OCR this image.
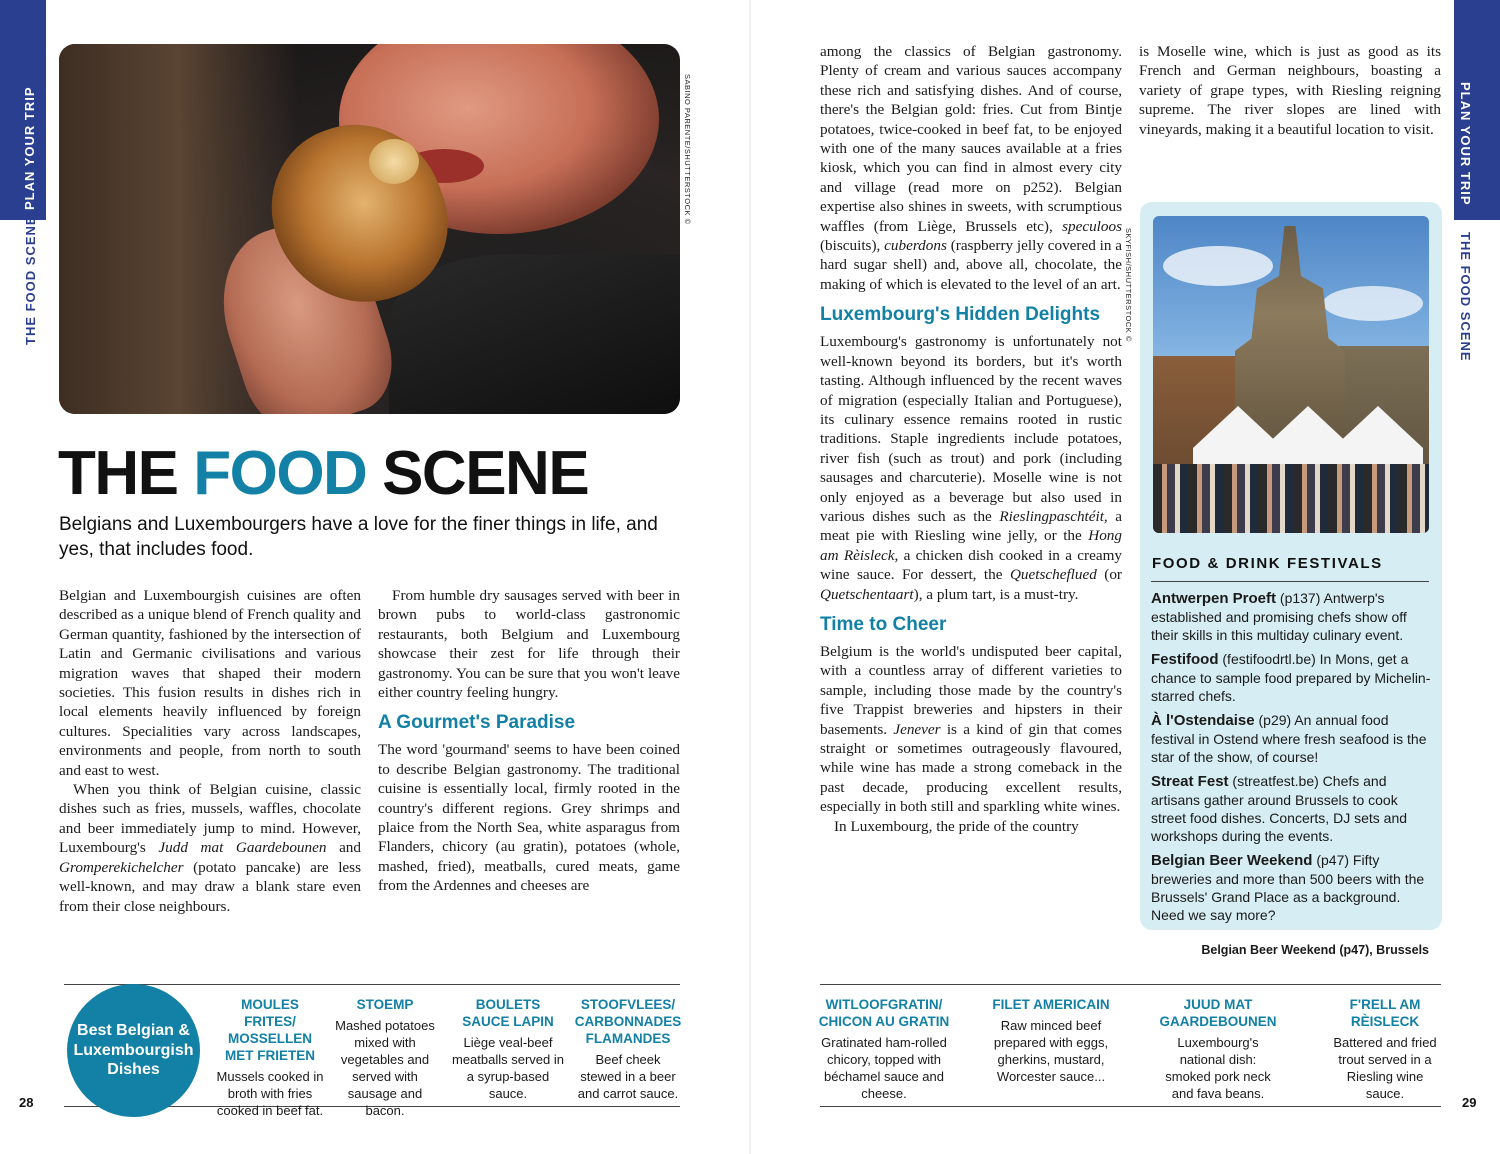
PLAN YOUR TRIP
THE FOOD SCENE
PLAN YOUR TRIP
THE FOOD SCENE
SABINO PARENTE/SHUTTERSTOCK ©
THE FOOD SCENE

Belgians and Luxembourgers have a love for the finer things in life, and yes, that includes food.

Belgian and Luxembourgish cuisines are often described as a unique blend of French quality and German quantity, fashioned by the intersection of Latin and Germanic civilisations and various migration waves that shaped their modern societies. This fusion results in dishes rich in local elements heavily influenced by foreign cultures. Specialities vary across landscapes, environments and people, from north to south and east to west.

When you think of Belgian cuisine, classic dishes such as fries, mussels, waffles, chocolate and beer immediately jump to mind. However, Luxembourg's Judd mat Gaardebounen and Gromperekichelcher (potato pancake) are less well-known, and may draw a blank stare even from their close neighbours.

From humble dry sausages served with beer in brown pubs to world-class gastronomic restaurants, both Belgium and Luxembourg showcase their zest for life through their gastronomy. You can be sure that you won't leave either country feeling hungry.

A Gourmet's Paradise

The word 'gourmand' seems to have been coined to describe Belgian gastronomy. The traditional cuisine is essentially local, firmly rooted in the country's different regions. Grey shrimps and plaice from the North Sea, white asparagus from Flanders, chicory (au gratin), potatoes (whole, mashed, fried), meatballs, cured meats, game from the Ardennes and cheeses are

among the classics of Belgian gastronomy. Plenty of cream and various sauces accompany these rich and satisfying dishes. And of course, there's the Belgian gold: fries. Cut from Bintje potatoes, twice-cooked in beef fat, to be enjoyed with one of the many sauces available at a fries kiosk, which you can find in almost every city and village (read more on p252). Belgian expertise also shines in sweets, with scrumptious waffles (from Liège, Brussels etc), speculoos (biscuits), cuberdons (raspberry jelly covered in a hard sugar shell) and, above all, chocolate, the making of which is elevated to the level of an art.

Luxembourg's Hidden Delights

Luxembourg's gastronomy is unfortunately not well-known beyond its borders, but it's worth tasting. Although influenced by the recent waves of migration (especially Italian and Portuguese), its culinary essence remains rooted in rustic traditions. Staple ingredients include potatoes, river fish (such as trout) and pork (including sausages and charcuterie). Moselle wine is not only enjoyed as a beverage but also used in various dishes such as the Rieslingpaschtéit, a meat pie with Riesling wine jelly, or the Hong am Rèisleck, a chicken dish cooked in a creamy wine sauce. For dessert, the Quetscheflued (or Quetschentaart), a plum tart, is a must-try.

Time to Cheer

Belgium is the world's undisputed beer capital, with a countless array of different varieties to sample, including those made by the country's five Trappist breweries and hipsters in their basements. Jenever is a kind of gin that comes straight or sometimes outrageously flavoured, while wine has made a strong comeback in the past decade, producing excellent results, especially in both still and sparkling white wines.

In Luxembourg, the pride of the country

is Moselle wine, which is just as good as its French and German neighbours, boasting a variety of grape types, with Riesling reigning supreme. The river slopes are lined with vineyards, making it a beautiful location to visit.

SKYFISH/SHUTTERSTOCK ©
FOOD & DRINK FESTIVALS
Antwerpen Proeft (p137) Antwerp's established and promising chefs show off their skills in this multiday culinary event.
Festifood (festifoodrtl.be) In Mons, get a chance to sample food prepared by Michelin-starred chefs.
À l'Ostendaise (p29) An annual food festival in Ostend where fresh seafood is the star of the show, of course!
Streat Fest (streatfest.be) Chefs and artisans gather around Brussels to cook street food dishes. Concerts, DJ sets and workshops during the events.
Belgian Beer Weekend (p47) Fifty breweries and more than 500 beers with the Brussels' Grand Place as a background. Need we say more?
Belgian Beer Weekend (p47), Brussels
Best Belgian & Luxembourgish Dishes
MOULES FRITES/ MOSSELLEN MET FRIETEN
Mussels cooked in broth with fries cooked in beef fat.
STOEMP
Mashed potatoes mixed with vegetables and served with sausage and bacon.
BOULETS SAUCE LAPIN
Liège veal-beef meatballs served in a syrup-based sauce.
STOOFVLEES/ CARBONNADES FLAMANDES
Beef cheek stewed in a beer and carrot sauce.
28
WITLOOFGRATIN/ CHICON AU GRATIN
Gratinated ham-rolled chicory, topped with béchamel sauce and cheese.
FILET AMERICAIN
Raw minced beef prepared with eggs, gherkins, mustard, Worcester sauce...
JUUD MAT GAARDEBOUNEN
Luxembourg's national dish: smoked pork neck and fava beans.
F'RELL AM RÈISLECK
Battered and fried trout served in a Riesling wine sauce.
29
